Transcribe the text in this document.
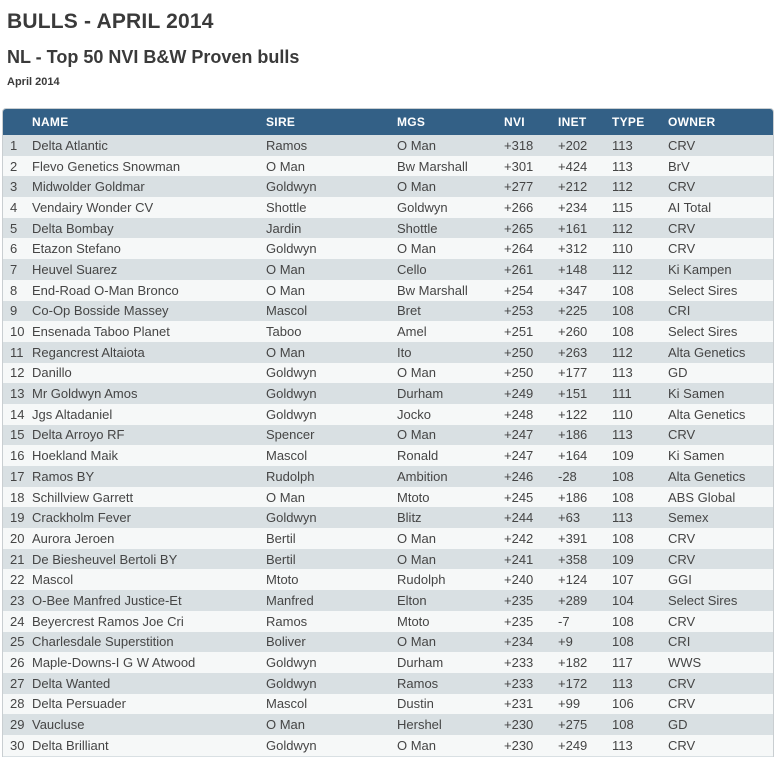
BULLS - APRIL 2014
NL - Top 50 NVI B&W Proven bulls
April 2014
	NAME	SIRE	MGS	NVI	INET	TYPE	OWNER
1	Delta Atlantic	Ramos	O Man	+318	+202	113	CRV
2	Flevo Genetics Snowman	O Man	Bw Marshall	+301	+424	113	BrV
3	Midwolder Goldmar	Goldwyn	O Man	+277	+212	112	CRV
4	Vendairy Wonder CV	Shottle	Goldwyn	+266	+234	115	AI Total
5	Delta Bombay	Jardin	Shottle	+265	+161	112	CRV
6	Etazon Stefano	Goldwyn	O Man	+264	+312	110	CRV
7	Heuvel Suarez	O Man	Cello	+261	+148	112	Ki Kampen
8	End-Road O-Man Bronco	O Man	Bw Marshall	+254	+347	108	Select Sires
9	Co-Op Bosside Massey	Mascol	Bret	+253	+225	108	CRI
10	Ensenada Taboo Planet	Taboo	Amel	+251	+260	108	Select Sires
11	Regancrest Altaiota	O Man	Ito	+250	+263	112	Alta Genetics
12	Danillo	Goldwyn	O Man	+250	+177	113	GD
13	Mr Goldwyn Amos	Goldwyn	Durham	+249	+151	111	Ki Samen
14	Jgs Altadaniel	Goldwyn	Jocko	+248	+122	110	Alta Genetics
15	Delta Arroyo RF	Spencer	O Man	+247	+186	113	CRV
16	Hoekland Maik	Mascol	Ronald	+247	+164	109	Ki Samen
17	Ramos BY	Rudolph	Ambition	+246	-28	108	Alta Genetics
18	Schillview Garrett	O Man	Mtoto	+245	+186	108	ABS Global
19	Crackholm Fever	Goldwyn	Blitz	+244	+63	113	Semex
20	Aurora Jeroen	Bertil	O Man	+242	+391	108	CRV
21	De Biesheuvel Bertoli BY	Bertil	O Man	+241	+358	109	CRV
22	Mascol	Mtoto	Rudolph	+240	+124	107	GGI
23	O-Bee Manfred Justice-Et	Manfred	Elton	+235	+289	104	Select Sires
24	Beyercrest Ramos Joe Cri	Ramos	Mtoto	+235	-7	108	CRV
25	Charlesdale Superstition	Boliver	O Man	+234	+9	108	CRI
26	Maple-Downs-I G W Atwood	Goldwyn	Durham	+233	+182	117	WWS
27	Delta Wanted	Goldwyn	Ramos	+233	+172	113	CRV
28	Delta Persuader	Mascol	Dustin	+231	+99	106	CRV
29	Vaucluse	O Man	Hershel	+230	+275	108	GD
30	Delta Brilliant	Goldwyn	O Man	+230	+249	113	CRV
